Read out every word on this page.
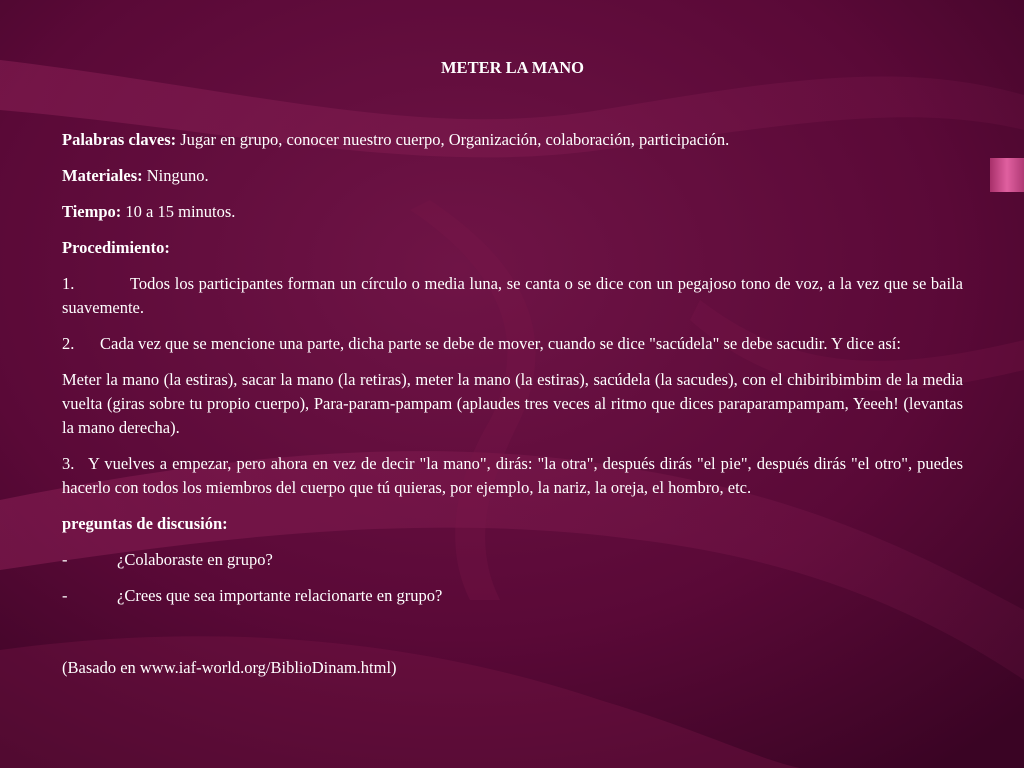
METER LA MANO

Palabras claves: Jugar en grupo, conocer nuestro cuerpo, Organización, colaboración, participación.

Materiales: Ninguno.

Tiempo: 10 a 15 minutos.

Procedimiento:

1.	Todos los participantes forman un círculo o media luna, se canta o se dice con un pegajoso tono de voz, a la vez que se baila suavemente.

2. Cada vez que se mencione una parte, dicha parte se debe de mover, cuando se dice "sacúdela" se debe sacudir. Y dice así:

Meter la mano (la estiras), sacar la mano (la retiras), meter la mano (la estiras), sacúdela (la sacudes), con el chibiribimbim de la media vuelta (giras sobre tu propio cuerpo), Para-param-pampam (aplaudes tres veces al ritmo que dices paraparampampam, Yeeeh! (levantas la mano derecha).

3. Y vuelves a empezar, pero ahora en vez de decir "la mano", dirás: "la otra", después dirás "el pie", después dirás "el otro", puedes hacerlo con todos los miembros del cuerpo que tú quieras, por ejemplo, la nariz, la oreja, el hombro, etc.

preguntas de discusión:

-	¿Colaboraste en grupo?

-	¿Crees que sea importante relacionarte en grupo?

(Basado en www.iaf-world.org/BiblioDinam.html)
